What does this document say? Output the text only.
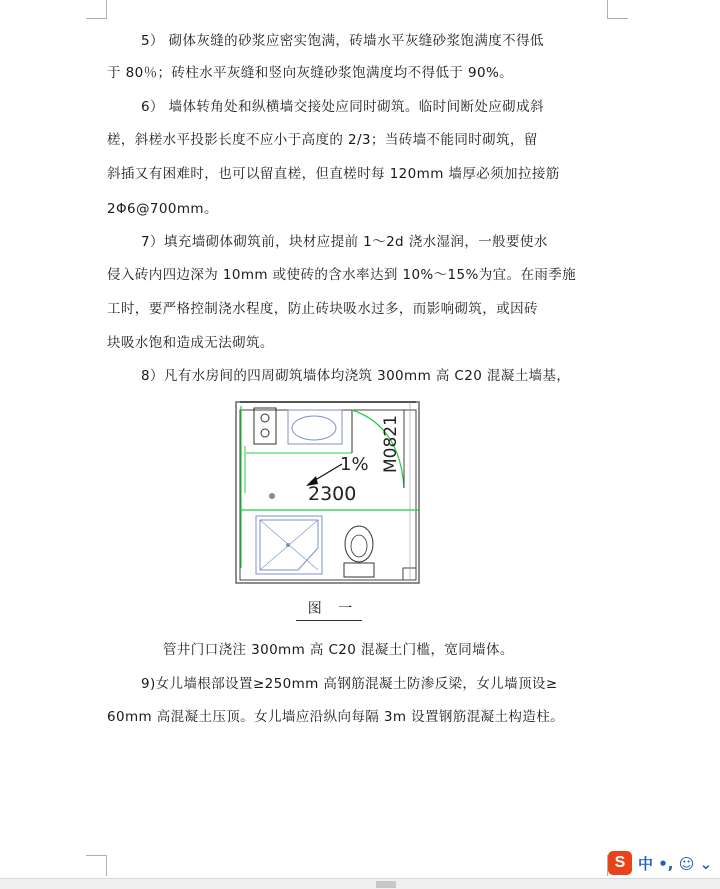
5） 砌体灰缝的砂浆应密实饱满，砖墙水平灰缝砂浆饱满度不得低
于 80％；砖柱水平灰缝和竖向灰缝砂浆饱满度均不得低于 90%。
6） 墙体转角处和纵横墙交接处应同时砌筑。临时间断处应砌成斜
槎，斜槎水平投影长度不应小于高度的 2/3；当砖墙不能同时砌筑，留
斜插又有困难时，也可以留直槎，但直槎时每 120mm 墙厚必须加拉接筋
2Φ6@700mm。
7）填充墙砌体砌筑前，块材应提前 1～2d 浇水湿润，一般要使水
侵入砖内四边深为 10mm 或使砖的含水率达到 10%～15%为宜。在雨季施
工时，要严格控制浇水程度，防止砖块吸水过多，而影响砌筑，或因砖
块吸水饱和造成无法砌筑。
8）凡有水房间的四周砌筑墙体均浇筑 300mm 高 C20 混凝土墙基，
1%
2300
M0821
图 一
管井门口浇注 300mm 高 C20 混凝土门槛，宽同墙体。
9)女儿墙根部设置≥250mm 高钢筋混凝土防渗反梁，女儿墙顶设≥
60mm 高混凝土压顶。女儿墙应沿纵向每隔 3m 设置钢筋混凝土构造柱。
S 中 •, ☺ ⌄
